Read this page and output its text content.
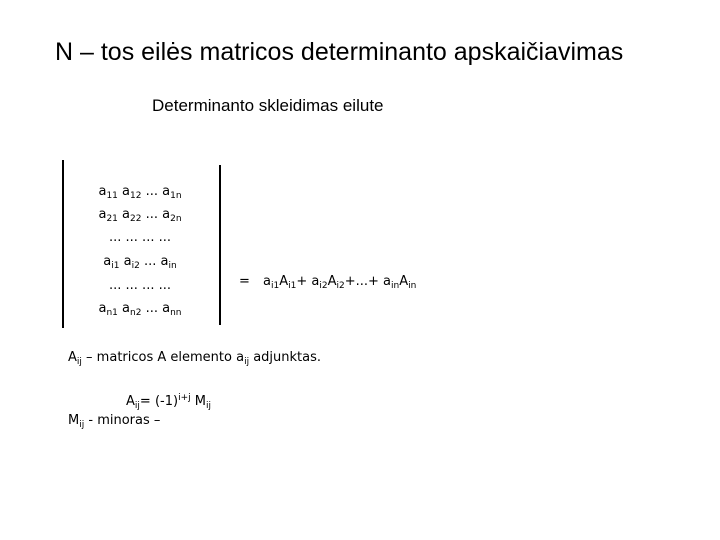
N – tos eilės matricos determinanto apskaičiavimas
Determinanto skleidimas eilute
$a_{11}$ $a_{12}$ ... $a_{1n}$
$a_{21}$ $a_{22}$ ... $a_{2n}$
... ... ... ...
$a_{i1}$ $a_{i2}$ ... $a_{in}$
... ... ... ...
$a_{n1}$ $a_{n2}$ ... $a_{nn}$
= $a_{i1}A_{i1}+ a_{i2}A_{i2}+...+ a_{in}A_{in}$
$A_{ij}$ – matricos A elemento $a_{ij}$ adjunktas.
$A_{ij}= (-1)^{i+j}$ $M_{ij}$
$M_{ij}$ - minoras –
